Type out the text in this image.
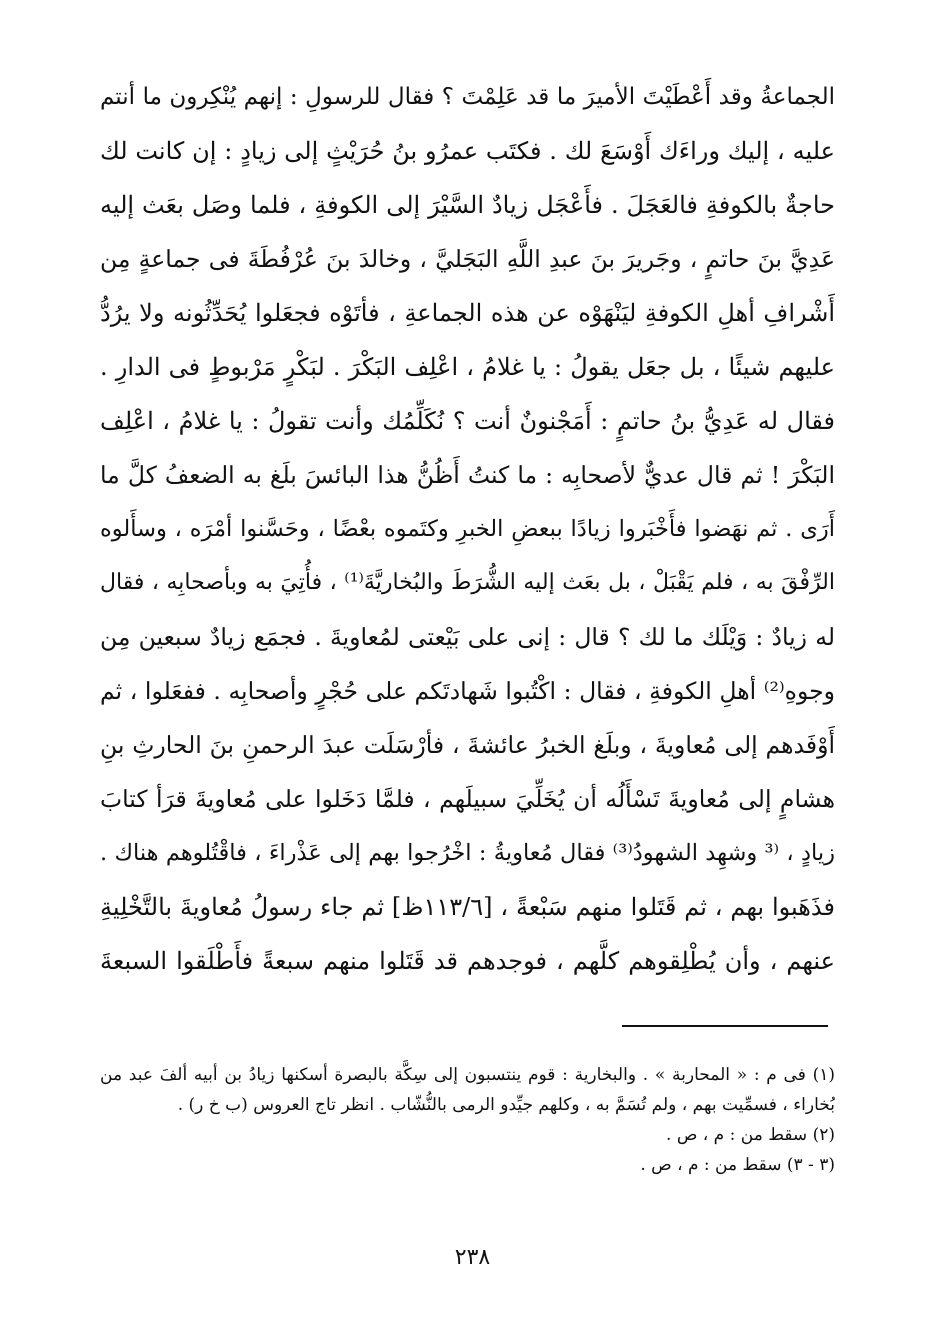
الجماعةُ وقد أَعْطَيْتَ الأميرَ ما قد عَلِمْتَ ؟ فقال للرسولِ : إنهم يُنْكِرون ما أنتم
عليه ، إليك وراءَك أَوْسَعَ لك . فكتَب عمرُو بنُ حُرَيْثٍ إلى زيادٍ : إن كانت لك
حاجةٌ بالكوفةِ فالعَجَلَ . فأَعْجَل زيادٌ السَّيْرَ إلى الكوفةِ ، فلما وصَل بعَث إليه
عَدِيَّ بنَ حاتمٍ ، وجَريرَ بنَ عبدِ اللَّهِ البَجَليَّ ، وخالدَ بنَ عُرْفُطَةَ فى جماعةٍ مِن
أَشْرافِ أهلِ الكوفةِ ليَنْهَوْه عن هذه الجماعةِ ، فأتَوْه فجعَلوا يُحَدِّثُونه ولا يرُدُّ
عليهم شيئًا ، بل جعَل يقولُ : يا غلامُ ، اعْلِف البَكْرَ . لبَكْرٍ مَرْبوطٍ فى الدارِ .
فقال له عَدِيُّ بنُ حاتمٍ : أَمَجْنونٌ أنت ؟ نُكَلِّمُك وأنت تقولُ : يا غلامُ ، اعْلِف
البَكْرَ ! ثم قال عديٌّ لأصحابِه : ما كنتُ أَظُنُّ هذا البائسَ بلَغ به الضعفُ كلَّ ما
أَرَى . ثم نهَضوا فأَخْبَروا زيادًا ببعضِ الخبرِ وكتَموه بعْضًا ، وحَسَّنوا أمْرَه ، وسأَلوه
الرِّفْقَ به ، فلم يَقْبَلْ ، بل بعَث إليه الشُّرَطَ والبُخاريَّةَ⁽¹⁾ ، فأُتِيَ به وبأصحابِه ، فقال
له زيادٌ : وَيْلَك ما لك ؟ قال : إنى على بَيْعتى لمُعاويةَ . فجمَع زيادٌ سبعين مِن
وجوهِ⁽²⁾ أهلِ الكوفةِ ، فقال : اكْتُبوا شَهادتَكم على حُجْرٍ وأصحابِه . ففعَلوا ، ثم
أَوْفَدهم إلى مُعاويةَ ، وبلَغ الخبرُ عائشةَ ، فأرْسَلَت عبدَ الرحمنِ بنَ الحارثِ بنِ
هشامٍ إلى مُعاويةَ تَسْأَلُه أن يُخَلِّيَ سبيلَهم ، فلمَّا دَخَلوا على مُعاويةَ قرَأ كتابَ
زيادٍ ، ⁽³ وشهِد الشهودُ⁽³⁾ فقال مُعاويةُ : اخْرُجوا بهم إلى عَذْراءَ ، فاقْتُلوهم هناك .
فذَهَبوا بهم ، ثم قَتَلوا منهم سَبْعةً ، [١١٣/٦ظ] ثم جاء رسولُ مُعاويةَ بالتَّخْلِيةِ
عنهم ، وأن يُطْلِقوهم كلَّهم ، فوجدهم قد قَتَلوا منهم سبعةً فأَطْلَقوا السبعةَ
(١) فى م : « المحاربة » . والبخارية : قوم ينتسبون إلى سِكَّة بالبصرة أسكنها زيادُ بن أبيه ألفَ عبد من
بُخاراء ، فسمِّيت بهم ، ولم تُسَمَّ به ، وكلهم جيِّدو الرمى بالنُّشّاب . انظر تاج العروس (ب خ ر) .
(٢) سقط من : م ، ص .
(٣ - ٣) سقط من : م ، ص .
٢٣٨
